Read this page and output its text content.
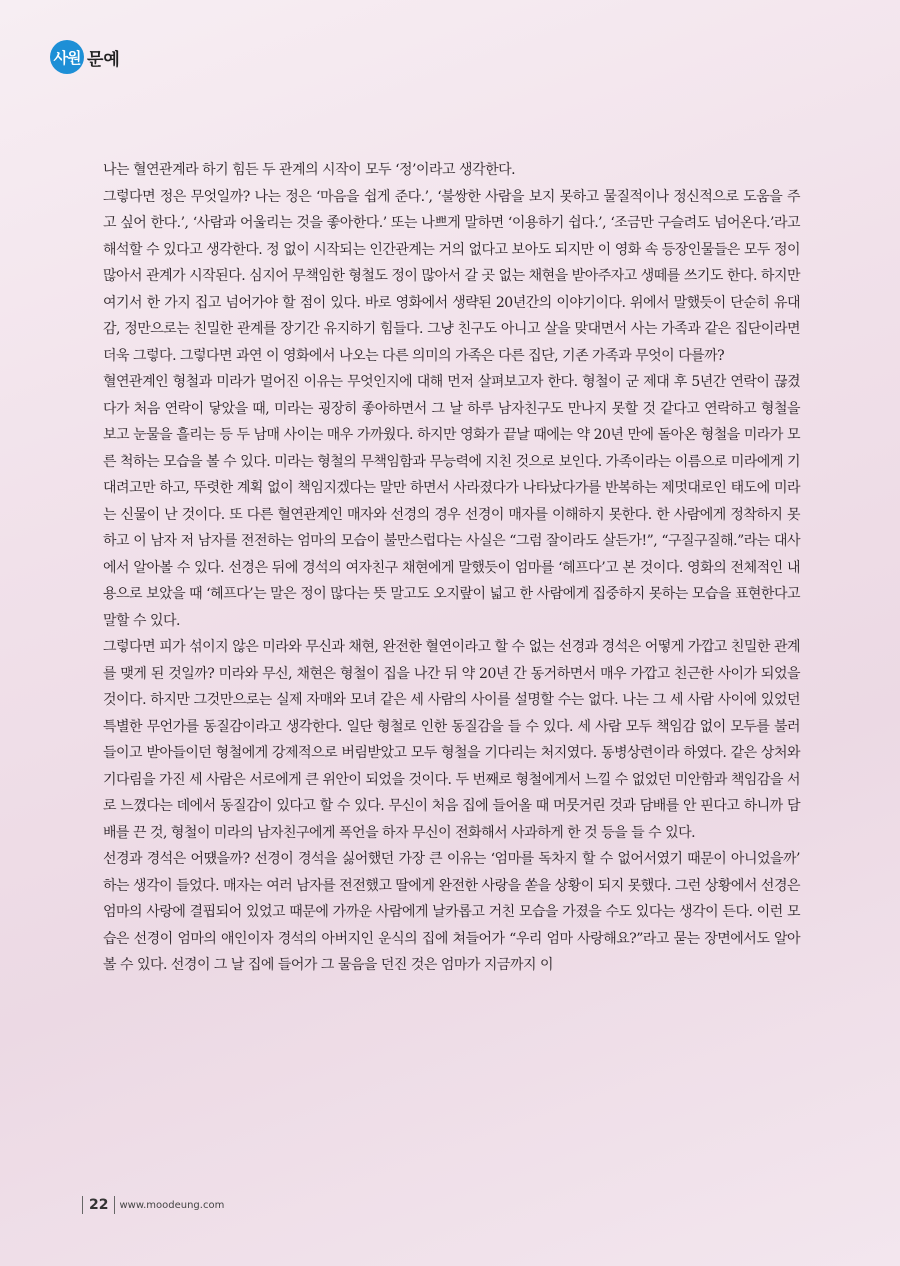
사원 문예

나는 혈연관계라 하기 힘든 두 관계의 시작이 모두 ‘정’이라고 생각한다.

그렇다면 정은 무엇일까? 나는 정은 ‘마음을 쉽게 준다.’, ‘불쌍한 사람을 보지 못하고 물질적이나 정신적으로 도움을 주고 싶어 한다.’, ‘사람과 어울리는 것을 좋아한다.’ 또는 나쁘게 말하면 ‘이용하기 쉽다.’, ‘조금만 구슬려도 넘어온다.’라고 해석할 수 있다고 생각한다. 정 없이 시작되는 인간관계는 거의 없다고 보아도 되지만 이 영화 속 등장인물들은 모두 정이 많아서 관계가 시작된다. 심지어 무책임한 형철도 정이 많아서 갈 곳 없는 채현을 받아주자고 생떼를 쓰기도 한다. 하지만 여기서 한 가지 집고 넘어가야 할 점이 있다. 바로 영화에서 생략된 20년간의 이야기이다. 위에서 말했듯이 단순히 유대감, 정만으로는 친밀한 관계를 장기간 유지하기 힘들다. 그냥 친구도 아니고 살을 맞대면서 사는 가족과 같은 집단이라면 더욱 그렇다. 그렇다면 과연 이 영화에서 나오는 다른 의미의 가족은 다른 집단, 기존 가족과 무엇이 다를까?

혈연관계인 형철과 미라가 멀어진 이유는 무엇인지에 대해 먼저 살펴보고자 한다. 형철이 군 제대 후 5년간 연락이 끊겼다가 처음 연락이 닿았을 때, 미라는 굉장히 좋아하면서 그 날 하루 남자친구도 만나지 못할 것 같다고 연락하고 형철을 보고 눈물을 흘리는 등 두 남매 사이는 매우 가까웠다. 하지만 영화가 끝날 때에는 약 20년 만에 돌아온 형철을 미라가 모른 척하는 모습을 볼 수 있다. 미라는 형철의 무책임함과 무능력에 지친 것으로 보인다. 가족이라는 이름으로 미라에게 기대려고만 하고, 뚜렷한 계획 없이 책임지겠다는 말만 하면서 사라졌다가 나타났다가를 반복하는 제멋대로인 태도에 미라는 신물이 난 것이다. 또 다른 혈연관계인 매자와 선경의 경우 선경이 매자를 이해하지 못한다. 한 사람에게 정착하지 못하고 이 남자 저 남자를 전전하는 엄마의 모습이 불만스럽다는 사실은 “그럼 잘이라도 살든가!”, “구질구질해.”라는 대사에서 알아볼 수 있다. 선경은 뒤에 경석의 여자친구 채현에게 말했듯이 엄마를 ‘헤프다’고 본 것이다. 영화의 전체적인 내용으로 보았을 때 ‘헤프다’는 말은 정이 많다는 뜻 말고도 오지랖이 넓고 한 사람에게 집중하지 못하는 모습을 표현한다고 말할 수 있다.

그렇다면 피가 섞이지 않은 미라와 무신과 채현, 완전한 혈연이라고 할 수 없는 선경과 경석은 어떻게 가깝고 친밀한 관계를 맺게 된 것일까? 미라와 무신, 채현은 형철이 집을 나간 뒤 약 20년 간 동거하면서 매우 가깝고 친근한 사이가 되었을 것이다. 하지만 그것만으로는 실제 자매와 모녀 같은 세 사람의 사이를 설명할 수는 없다. 나는 그 세 사람 사이에 있었던 특별한 무언가를 동질감이라고 생각한다. 일단 형철로 인한 동질감을 들 수 있다. 세 사람 모두 책임감 없이 모두를 불러들이고 받아들이던 형철에게 강제적으로 버림받았고 모두 형철을 기다리는 처지였다. 동병상련이라 하였다. 같은 상처와 기다림을 가진 세 사람은 서로에게 큰 위안이 되었을 것이다. 두 번째로 형철에게서 느낄 수 없었던 미안함과 책임감을 서로 느꼈다는 데에서 동질감이 있다고 할 수 있다. 무신이 처음 집에 들어올 때 머뭇거린 것과 담배를 안 핀다고 하니까 담배를 끈 것, 형철이 미라의 남자친구에게 폭언을 하자 무신이 전화해서 사과하게 한 것 등을 들 수 있다.

선경과 경석은 어떘을까? 선경이 경석을 싫어했던 가장 큰 이유는 ‘엄마를 독차지 할 수 없어서였기 때문이 아니었을까’ 하는 생각이 들었다. 매자는 여러 남자를 전전했고 딸에게 완전한 사랑을 쏟을 상황이 되지 못했다. 그런 상황에서 선경은 엄마의 사랑에 결핍되어 있었고 때문에 가까운 사람에게 날카롭고 거친 모습을 가졌을 수도 있다는 생각이 든다. 이런 모습은 선경이 엄마의 애인이자 경석의 아버지인 운식의 집에 쳐들어가 “우리 엄마 사랑해요?”라고 묻는 장면에서도 알아볼 수 있다. 선경이 그 날 집에 들어가 그 물음을 던진 것은 엄마가 지금까지 이

22 www.moodeung.com
